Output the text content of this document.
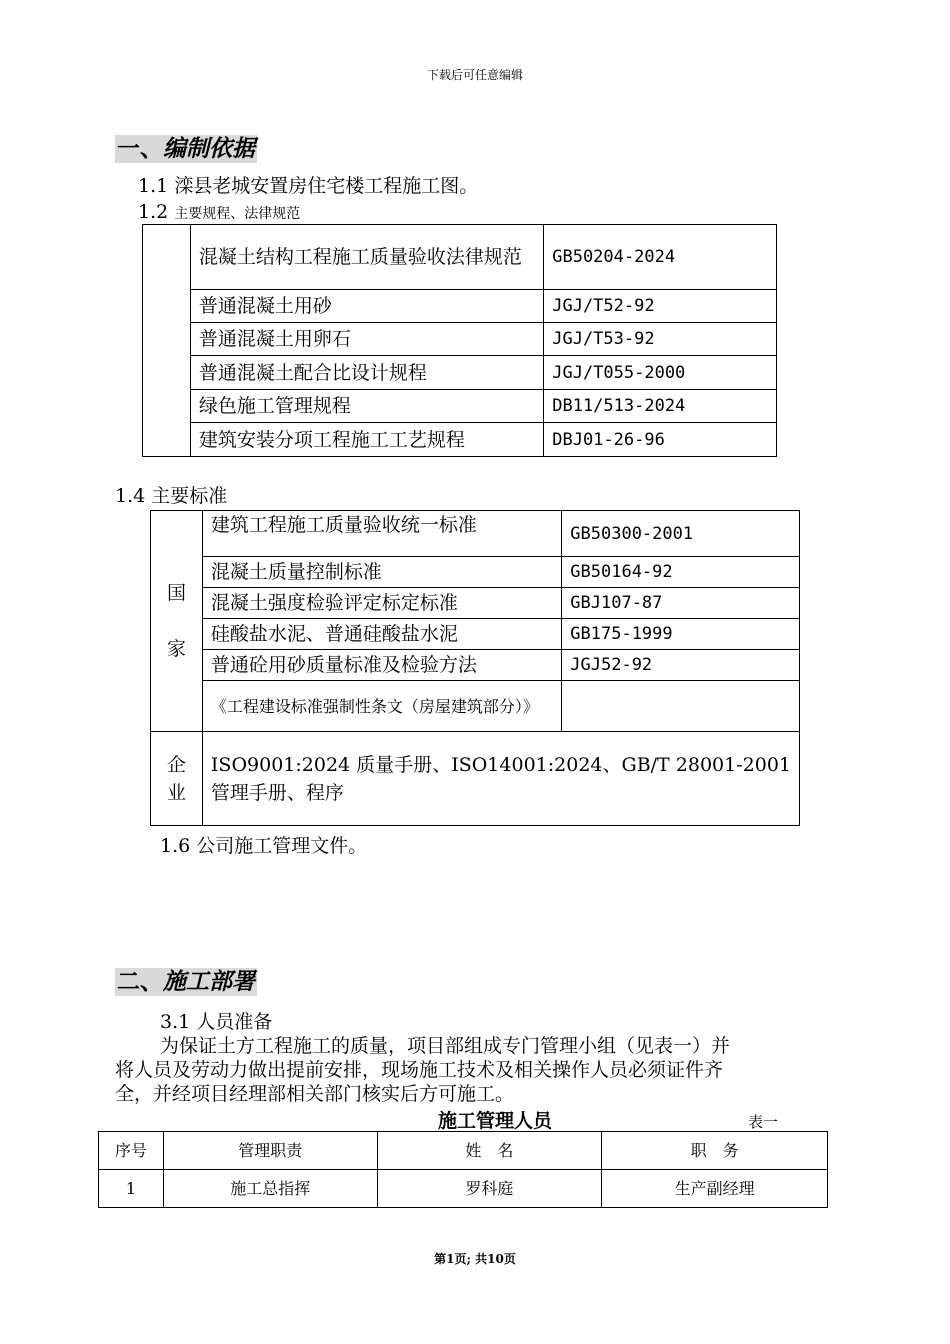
下载后可任意编辑
一、编制依据
1.1 滦县老城安置房住宅楼工程施工图。
1.2 主要规程、法律规范
	混凝土结构工程施工质量验收法律规范	GB50204-2024
	普通混凝土用砂	JGJ/T52-92
	普通混凝土用卵石	JGJ/T53-92
	普通混凝土配合比设计规程	JGJ/T055-2000
	绿色施工管理规程	DB11/513-2024
	建筑安装分项工程施工工艺规程	DBJ01-26-96
1.4 主要标准
国
家	建筑工程施工质量验收统一标准	GB50300-2001
	混凝土质量控制标准	GB50164-92
	混凝土强度检验评定标定标准	GBJ107-87
	硅酸盐水泥、普通硅酸盐水泥	GB175-1999
	普通砼用砂质量标准及检验方法	JGJ52-92
	《工程建设标准强制性条文（房屋建筑部分）》	

企
业	ISO9001:2024 质量手册、ISO14001:2024、GB/T 28001-2001管理手册、程序	
1.6 公司施工管理文件。
二、施工部署
3.1 人员准备
为保证土方工程施工的质量，项目部组成专门管理小组（见表一）并
将人员及劳动力做出提前安排，现场施工技术及相关操作人员必须证件齐
全，并经项目经理部相关部门核实后方可施工。
施工管理人员	表一
序号	管理职责	姓　名	职　务
1	施工总指挥	罗科庭	生产副经理
第1页; 共10页
